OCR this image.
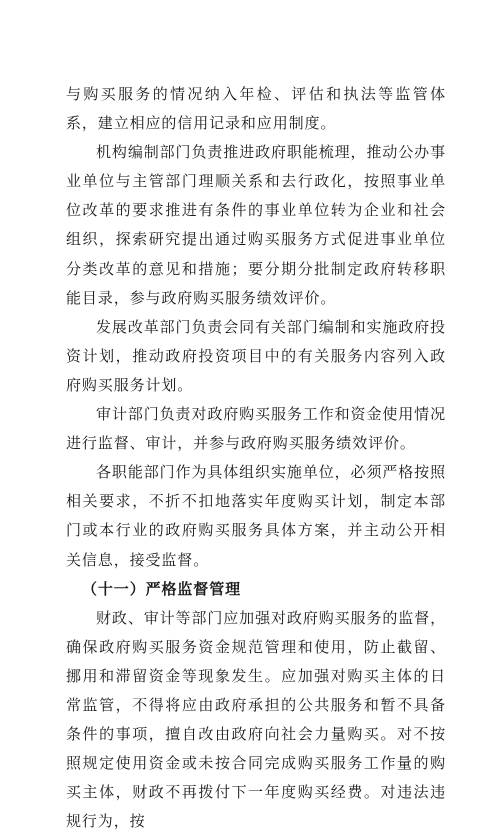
与购买服务的情况纳入年检、评估和执法等监管体系，建立相应的信用记录和应用制度。

机构编制部门负责推进政府职能梳理，推动公办事业单位与主管部门理顺关系和去行政化，按照事业单位改革的要求推进有条件的事业单位转为企业和社会组织，探索研究提出通过购买服务方式促进事业单位分类改革的意见和措施；要分期分批制定政府转移职能目录，参与政府购买服务绩效评价。

发展改革部门负责会同有关部门编制和实施政府投资计划，推动政府投资项目中的有关服务内容列入政府购买服务计划。

审计部门负责对政府购买服务工作和资金使用情况进行监督、审计，并参与政府购买服务绩效评价。

各职能部门作为具体组织实施单位，必须严格按照相关要求，不折不扣地落实年度购买计划，制定本部门或本行业的政府购买服务具体方案，并主动公开相关信息，接受监督。

（十一）严格监督管理

财政、审计等部门应加强对政府购买服务的监督，确保政府购买服务资金规范管理和使用，防止截留、挪用和滞留资金等现象发生。应加强对购买主体的日常监管，不得将应由政府承担的公共服务和暂不具备条件的事项，擅自改由政府向社会力量购买。对不按照规定使用资金或未按合同完成购买服务工作量的购买主体，财政不再拨付下一年度购买经费。对违法违规行为，按
